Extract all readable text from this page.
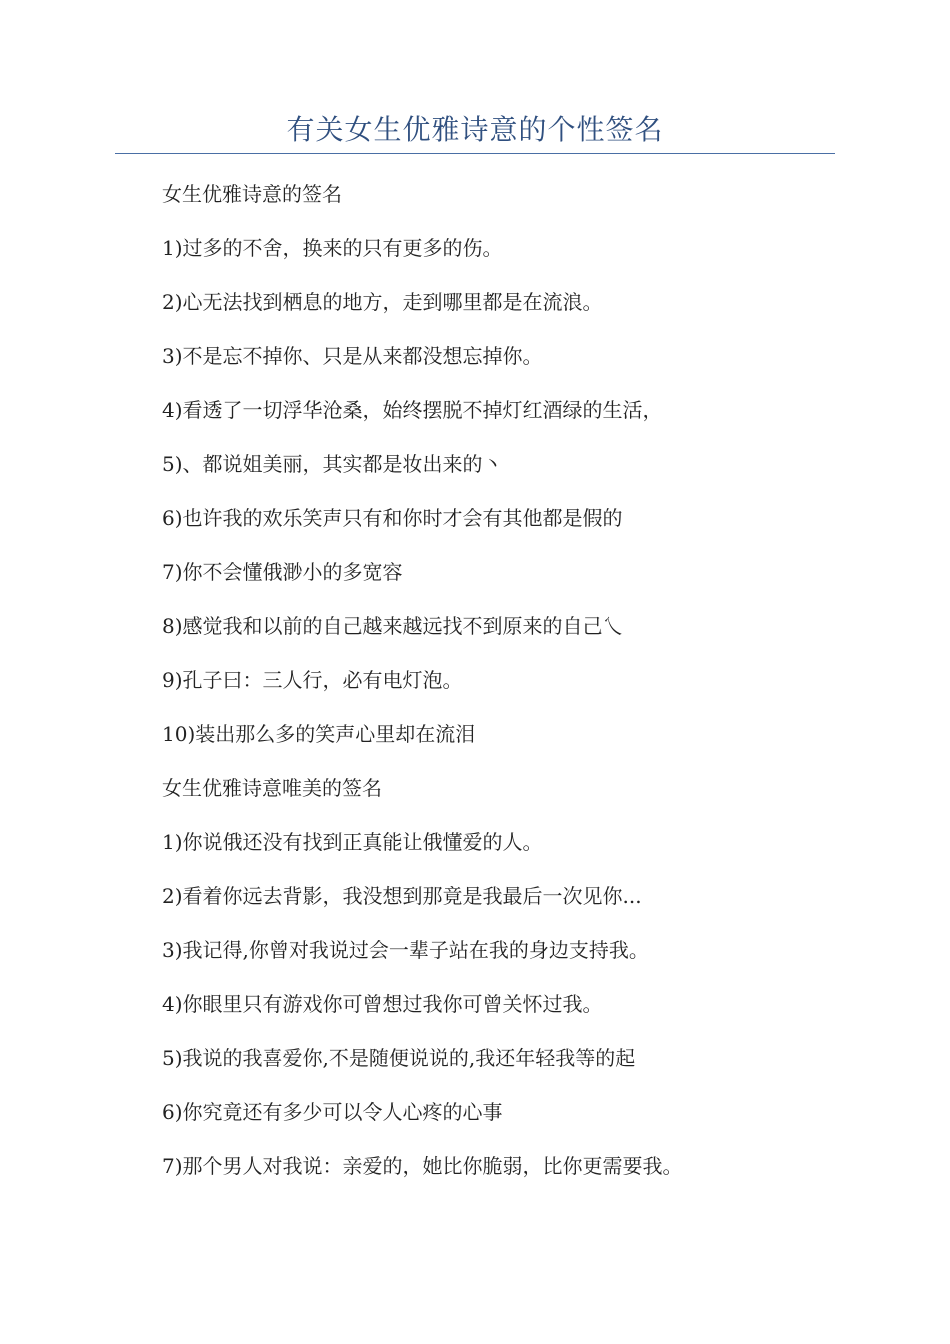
有关女生优雅诗意的个性签名
女生优雅诗意的签名
1)过多的不舍，换来的只有更多的伤。
2)心无法找到栖息的地方，走到哪里都是在流浪。
3)不是忘不掉你、只是从来都没想忘掉你。
4)看透了一切浮华沧桑，始终摆脱不掉灯红酒绿的生活，
5)、都说姐美丽，其实都是妆出来的丶
6)也许我的欢乐笑声只有和你时才会有其他都是假的
7)你不会懂俄渺小的多宽容
8)感觉我和以前的自己越来越远找不到原来的自己乀
9)孔子曰：三人行，必有电灯泡。
10)装出那么多的笑声心里却在流泪
女生优雅诗意唯美的签名
1)你说俄还没有找到正真能让俄懂爱的人。
2)看着你远去背影，我没想到那竟是我最后一次见你...
3)我记得,你曾对我说过会一辈子站在我的身边支持我。
4)你眼里只有游戏你可曾想过我你可曾关怀过我。
5)我说的我喜爱你,不是随便说说的,我还年轻我等的起
6)你究竟还有多少可以令人心疼的心事
7)那个男人对我说：亲爱的，她比你脆弱，比你更需要我。
